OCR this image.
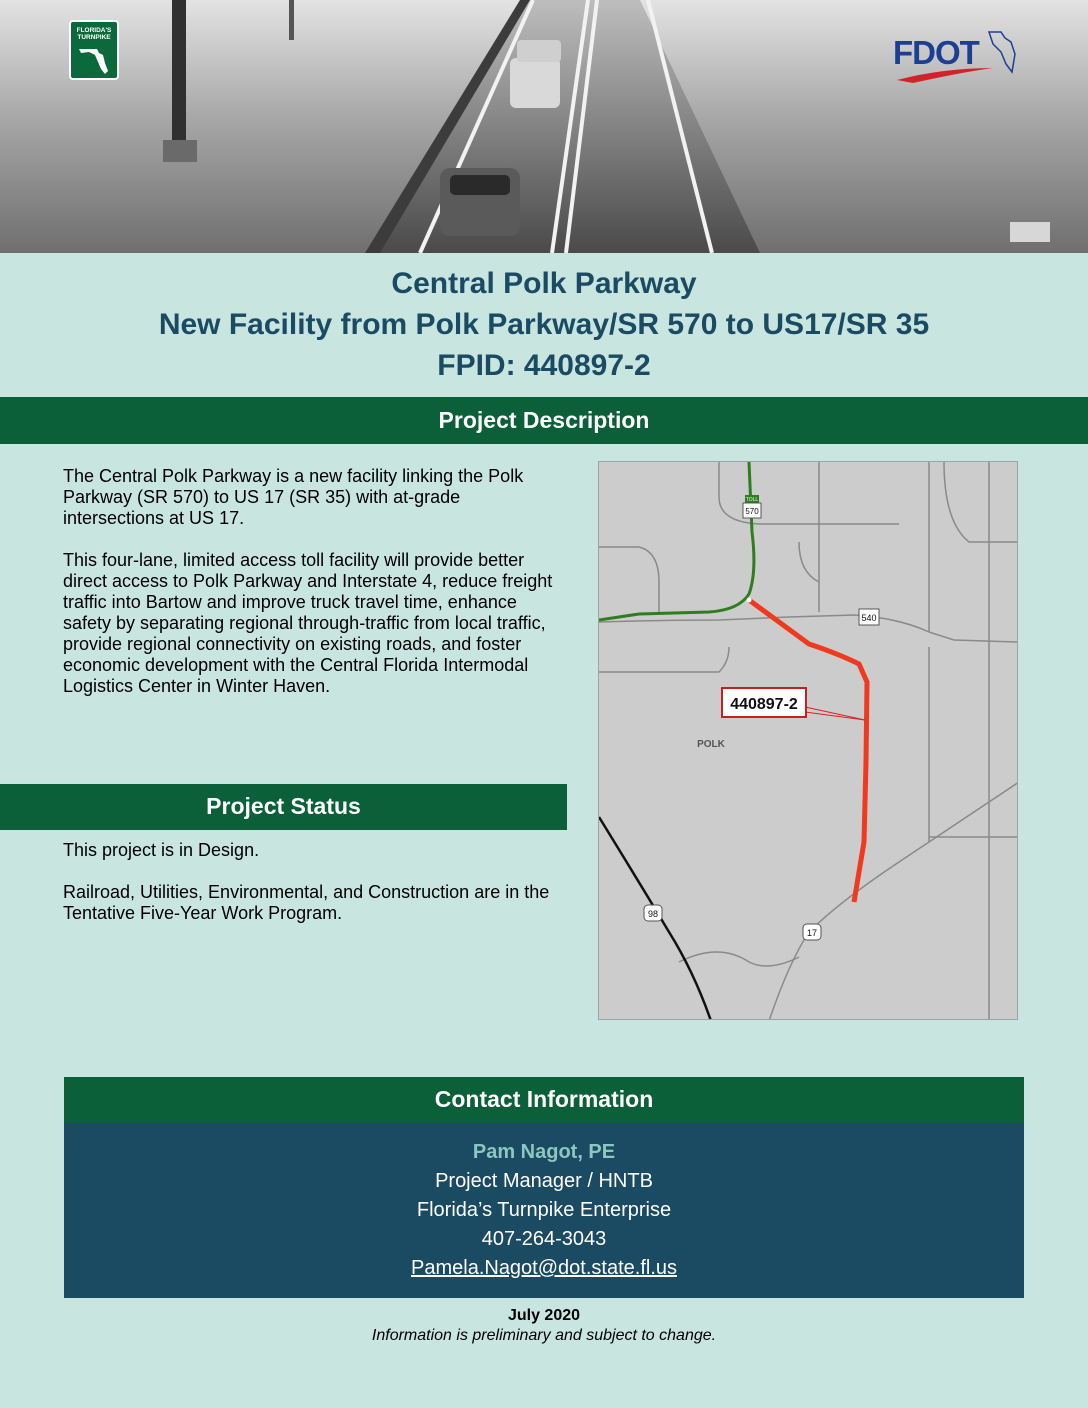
FLORIDA'S TURNPIKE	FDOT
Central Polk Parkway
New Facility from Polk Parkway/SR 570 to US17/SR 35
FPID: 440897-2
Project Description

The Central Polk Parkway is a new facility linking the Polk Parkway (SR 570) to US 17 (SR 35) with at-grade intersections at US 17.

This four-lane, limited access toll facility will provide better direct access to Polk Parkway and Interstate 4, reduce freight traffic into Bartow and improve truck travel time, enhance safety by separating regional through-traffic from local traffic, provide regional connectivity on existing roads, and foster economic development with the Central Florida Intermodal Logistics Center in Winter Haven.

Project Status

This project is in Design.

Railroad, Utilities, Environmental, and Construction are in the Tentative Five-Year Work Program.

TOLL
570
540
98
17
440897-2
POLK
Contact Information
Pam Nagot, PE
Project Manager / HNTB
Florida’s Turnpike Enterprise
407-264-3043
Pamela.Nagot@dot.state.fl.us
July 2020
Information is preliminary and subject to change.
